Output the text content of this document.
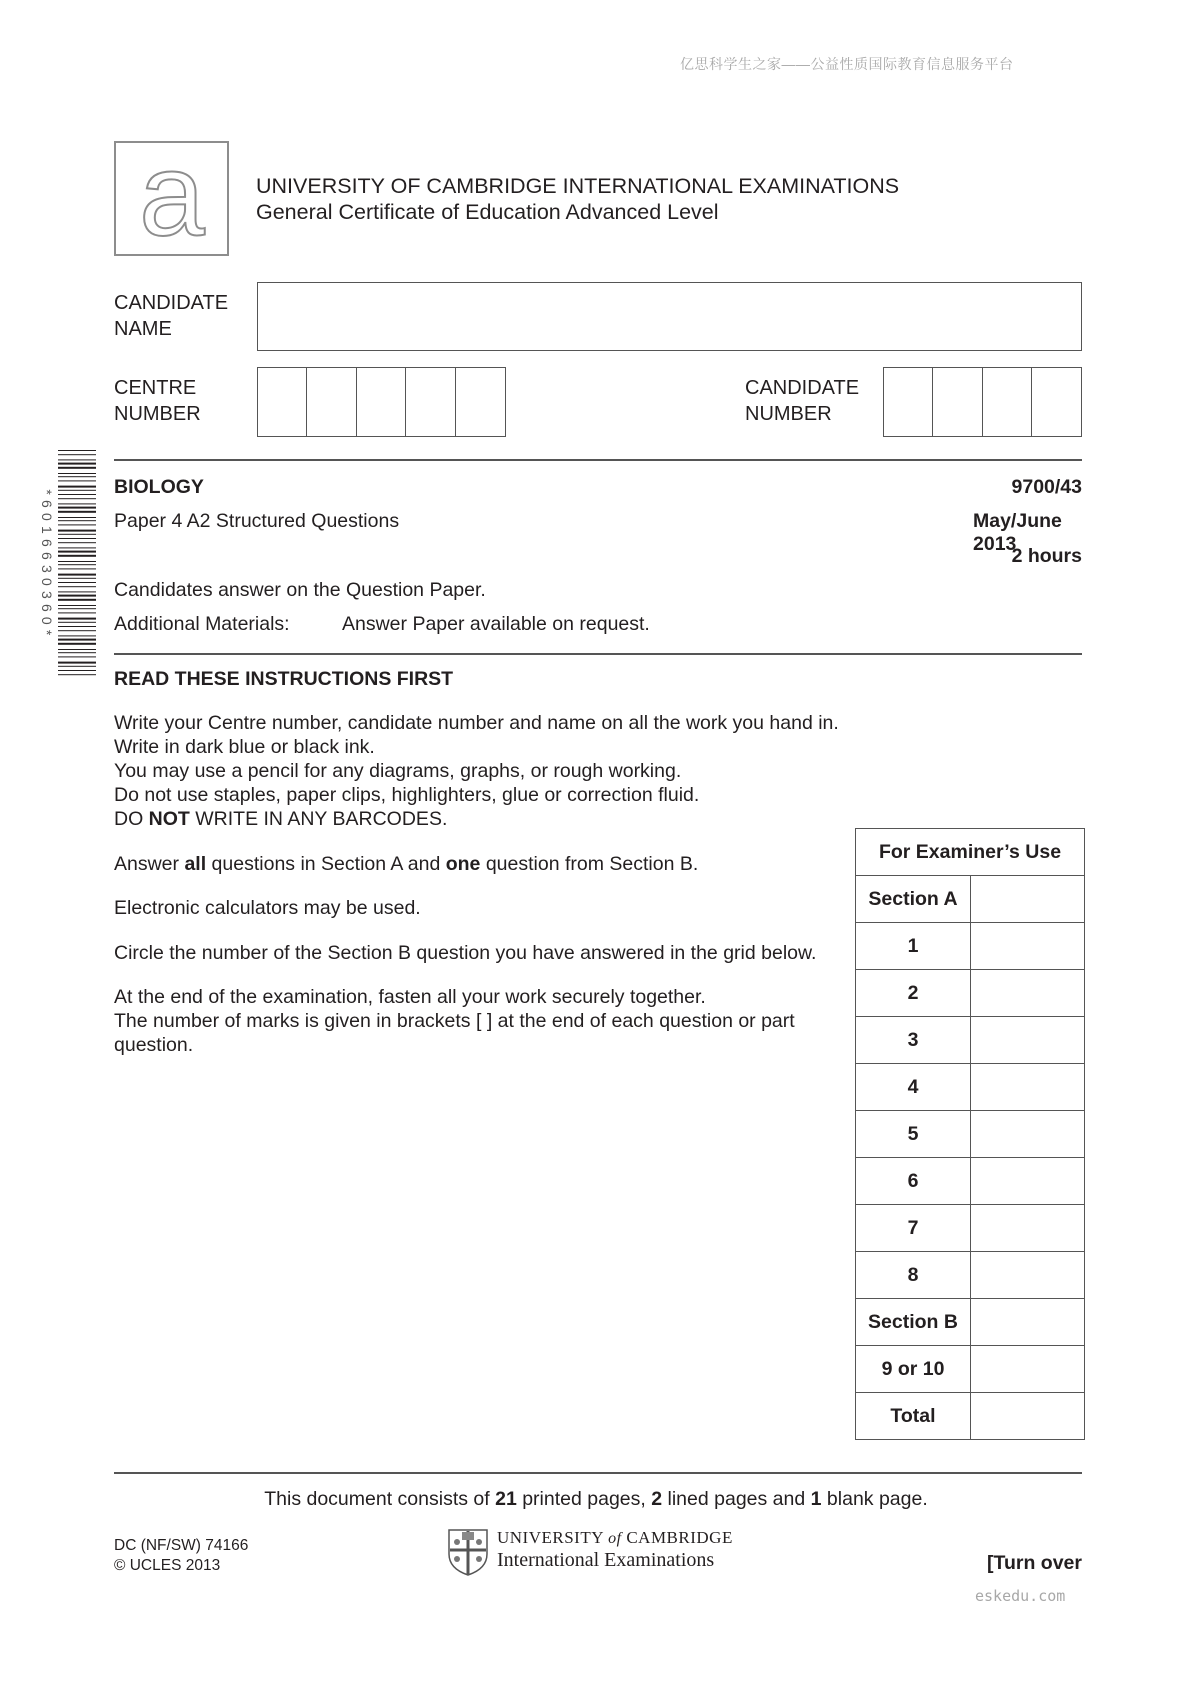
亿思科学生之家——公益性质国际教育信息服务平台
a UNIVERSITY OF CAMBRIDGE INTERNATIONAL EXAMINATIONS
General Certificate of Education Advanced Level
CANDIDATE
NAME
CENTRE
NUMBER
CANDIDATE
NUMBER
*6016630360*
BIOLOGY	9700/43
Paper 4 A2 Structured Questions	May/June 2013
2 hours
Candidates answer on the Question Paper.
Additional Materials:	Answer Paper available on request.
READ THESE INSTRUCTIONS FIRST

Write your Centre number, candidate number and name on all the work you hand in.

Write in dark blue or black ink.

You may use a pencil for any diagrams, graphs, or rough working.

Do not use staples, paper clips, highlighters, glue or correction fluid.

DO NOT WRITE IN ANY BARCODES.

Answer all questions in Section A and one question from Section B.

Electronic calculators may be used.

Circle the number of the Section B question you have answered in the grid below.

At the end of the examination, fasten all your work securely together.

The number of marks is given in brackets [ ] at the end of each question or part

question.

For Examiner’s Use	
Section A	
1	
2	
3	
4	
5	
6	
7	
8	
Section B	
9 or 10	
Total	
This document consists of 21 printed pages, 2 lined pages and 1 blank page.
DC (NF/SW) 74166
© UCLES 2013
UNIVERSITY of CAMBRIDGE
International Examinations	[Turn over
eskedu.com
